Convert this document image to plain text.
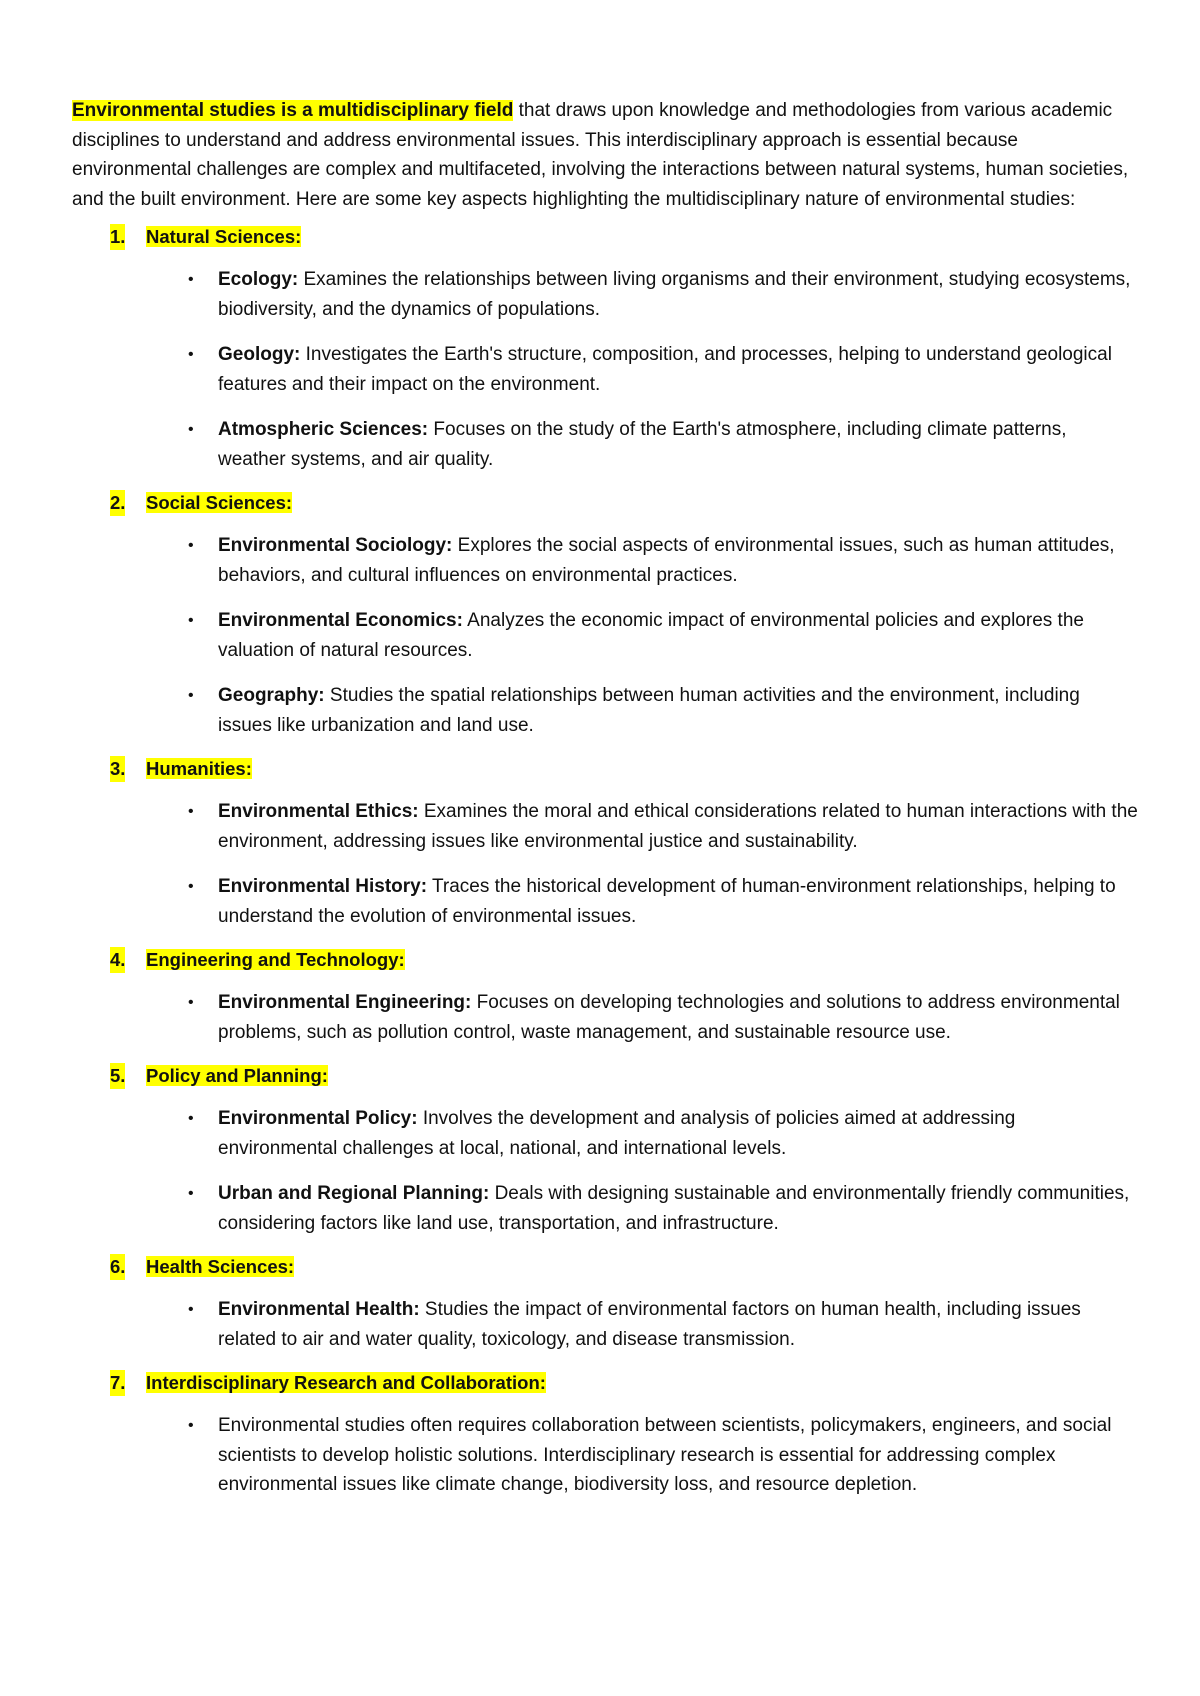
Environmental studies is a multidisciplinary field that draws upon knowledge and methodologies from various academic disciplines to understand and address environmental issues. This interdisciplinary approach is essential because environmental challenges are complex and multifaceted, involving the interactions between natural systems, human societies, and the built environment. Here are some key aspects highlighting the multidisciplinary nature of environmental studies:

1. Natural Sciences:
• Ecology: Examines the relationships between living organisms and their environment, studying ecosystems, biodiversity, and the dynamics of populations.
• Geology: Investigates the Earth's structure, composition, and processes, helping to understand geological features and their impact on the environment.
• Atmospheric Sciences: Focuses on the study of the Earth's atmosphere, including climate patterns, weather systems, and air quality.
2. Social Sciences:
• Environmental Sociology: Explores the social aspects of environmental issues, such as human attitudes, behaviors, and cultural influences on environmental practices.
• Environmental Economics: Analyzes the economic impact of environmental policies and explores the valuation of natural resources.
• Geography: Studies the spatial relationships between human activities and the environment, including issues like urbanization and land use.
3. Humanities:
• Environmental Ethics: Examines the moral and ethical considerations related to human interactions with the environment, addressing issues like environmental justice and sustainability.
• Environmental History: Traces the historical development of human-environment relationships, helping to understand the evolution of environmental issues.
4. Engineering and Technology:
• Environmental Engineering: Focuses on developing technologies and solutions to address environmental problems, such as pollution control, waste management, and sustainable resource use.
5. Policy and Planning:
• Environmental Policy: Involves the development and analysis of policies aimed at addressing environmental challenges at local, national, and international levels.
• Urban and Regional Planning: Deals with designing sustainable and environmentally friendly communities, considering factors like land use, transportation, and infrastructure.
6. Health Sciences:
• Environmental Health: Studies the impact of environmental factors on human health, including issues related to air and water quality, toxicology, and disease transmission.
7. Interdisciplinary Research and Collaboration:
• Environmental studies often requires collaboration between scientists, policymakers, engineers, and social scientists to develop holistic solutions. Interdisciplinary research is essential for addressing complex environmental issues like climate change, biodiversity loss, and resource depletion.
